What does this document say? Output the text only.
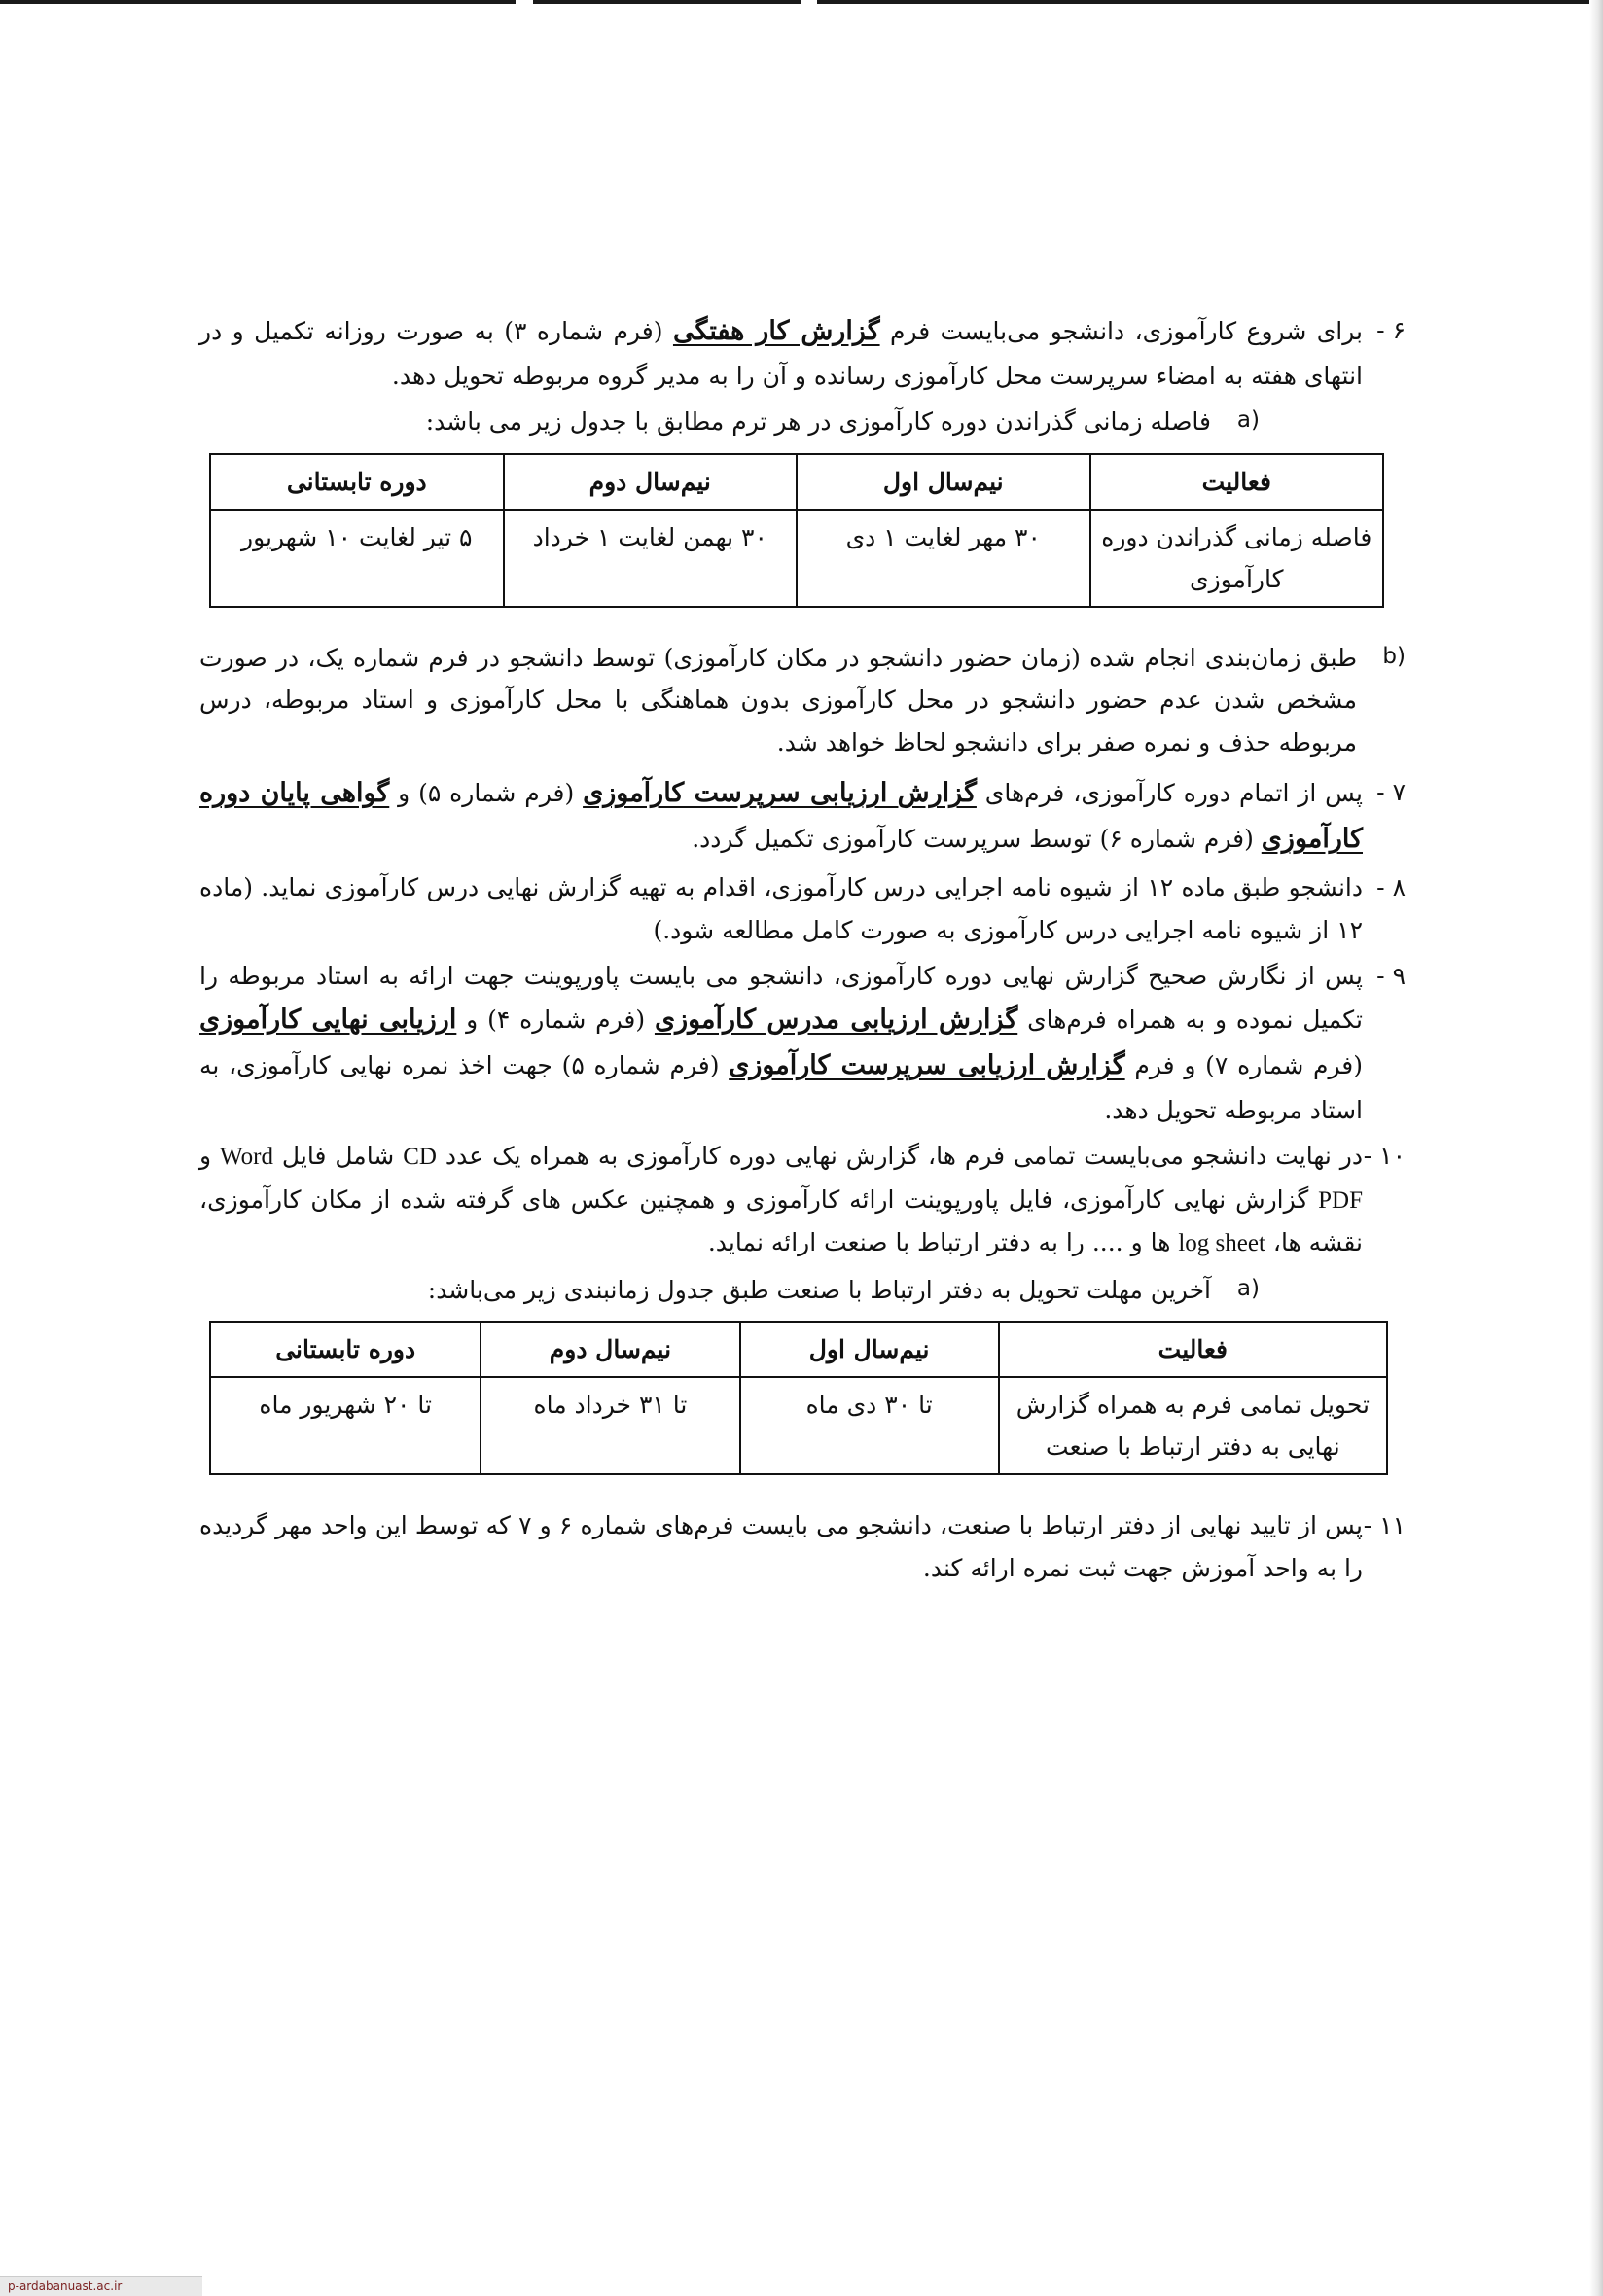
۶ -
برای شروع کارآموزی، دانشجو می‌بایست فرم گزارش کار هفتگی (فرم شماره ۳) به صورت روزانه تکمیل و در انتهای هفته به امضاء سرپرست محل کارآموزی رسانده و آن را به مدیر گروه مربوطه تحویل دهد.
a)
فاصله زمانی گذراندن دوره کارآموزی در هر ترم مطابق با جدول زیر می باشد:
فعالیت	نیم‌سال اول	نیم‌سال دوم	دوره تابستانی
فاصله زمانی گذراندن دوره کارآموزی	۳۰ مهر لغایت ۱ دی	۳۰ بهمن لغایت ۱ خرداد	۵ تیر لغایت ۱۰ شهریور
b)
طبق زمان‌بندی انجام شده (زمان حضور دانشجو در مکان کارآموزی) توسط دانشجو در فرم شماره یک، در صورت مشخص شدن عدم حضور دانشجو در محل کارآموزی بدون هماهنگی با محل کارآموزی و استاد مربوطه، درس مربوطه حذف و نمره صفر برای دانشجو لحاظ خواهد شد.
۷ -
پس از اتمام دوره کارآموزی، فرم‌های گزارش ارزیابی سرپرست کارآموزی (فرم شماره ۵) و گواهی پایان دوره کارآموزی (فرم شماره ۶) توسط سرپرست کارآموزی تکمیل گردد.
۸ -
دانشجو طبق ماده ۱۲ از شیوه نامه اجرایی درس کارآموزی، اقدام به تهیه گزارش نهایی درس کارآموزی نماید. (ماده ۱۲ از شیوه نامه اجرایی درس کارآموزی به صورت کامل مطالعه شود.)
۹ -
پس از نگارش صحیح گزارش نهایی دوره کارآموزی، دانشجو می بایست پاورپوینت جهت ارائه به استاد مربوطه را تکمیل نموده و به همراه فرم‌های گزارش ارزیابی مدرس کارآموزی (فرم شماره ۴) و ارزیابی نهایی کارآموزی (فرم شماره ۷) و فرم گزارش ارزیابی سرپرست کارآموزی (فرم شماره ۵) جهت اخذ نمره نهایی کارآموزی، به استاد مربوطه تحویل دهد.
۱۰ -
در نهایت دانشجو می‌بایست تمامی فرم ها، گزارش نهایی دوره کارآموزی به همراه یک عدد CD شامل فایل Word و PDF گزارش نهایی کارآموزی، فایل پاورپوینت ارائه کارآموزی و همچنین عکس های گرفته شده از مکان کارآموزی، نقشه ها، log sheet ها و .... را به دفتر ارتباط با صنعت ارائه نماید.
a)
آخرین مهلت تحویل به دفتر ارتباط با صنعت طبق جدول زمانبندی زیر می‌باشد:
فعالیت	نیم‌سال اول	نیم‌سال دوم	دوره تابستانی
تحویل تمامی فرم به همراه گزارش نهایی به دفتر ارتباط با صنعت	تا ۳۰ دی ماه	تا ۳۱ خرداد ماه	تا ۲۰ شهریور ماه
۱۱ -
پس از تایید نهایی از دفتر ارتباط با صنعت، دانشجو می بایست فرم‌های شماره ۶ و ۷ که توسط این واحد مهر گردیده را به واحد آموزش جهت ثبت نمره ارائه کند.
p-ardabanuast.ac.ir
